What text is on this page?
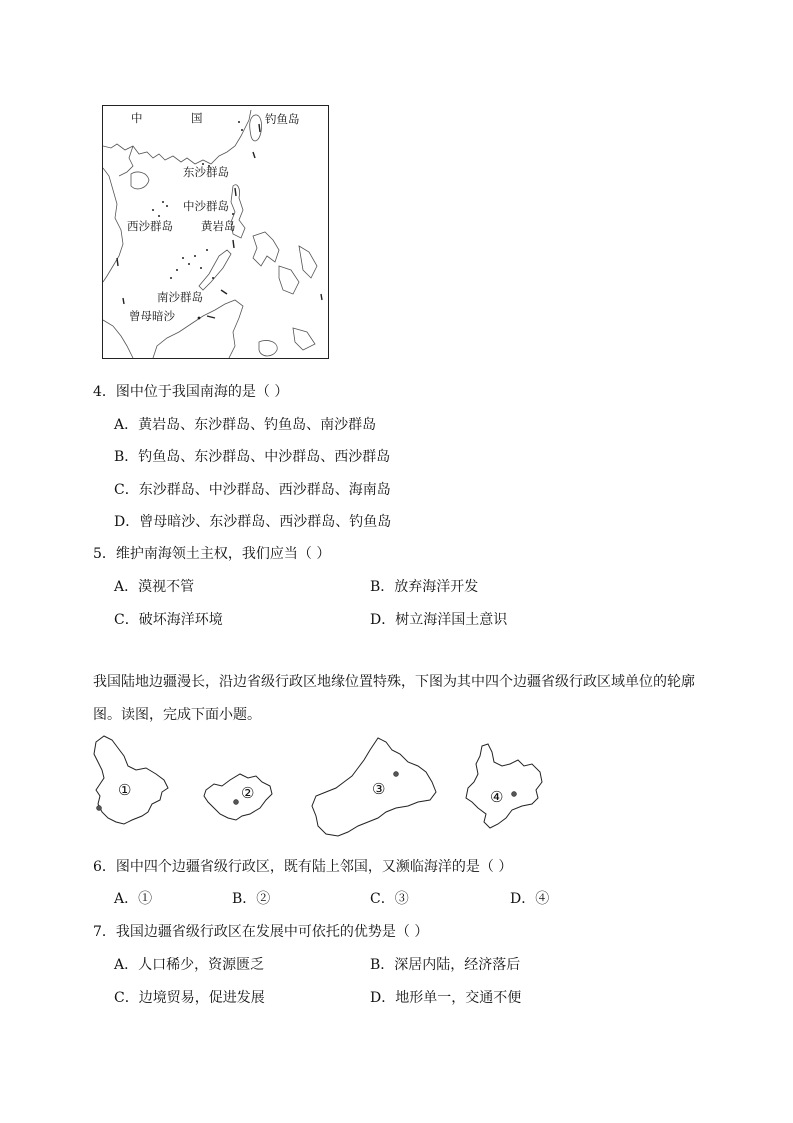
中	国	钓鱼岛
东沙群岛
中沙群岛
西沙群岛 黄岩岛
南沙群岛
曾母暗沙
4．图中位于我国南海的是（ ）
A．黄岩岛、东沙群岛、钓鱼岛、南沙群岛
B．钓鱼岛、东沙群岛、中沙群岛、西沙群岛
C．东沙群岛、中沙群岛、西沙群岛、海南岛
D．曾母暗沙、东沙群岛、西沙群岛、钓鱼岛
5．维护南海领土主权，我们应当（ ）
A．漠视不管	B．放弃海洋开发
C．破坏海洋环境	D．树立海洋国土意识
我国陆地边疆漫长，沿边省级行政区地缘位置特殊，下图为其中四个边疆省级行政区域单位的轮廓
图。读图，完成下面小题。
①	②	③	④
6．图中四个边疆省级行政区，既有陆上邻国，又濒临海洋的是（ ）
A．①	B．②	C．③	D．④
7．我国边疆省级行政区在发展中可依托的优势是（ ）
A．人口稀少，资源匮乏	B．深居内陆，经济落后
C．边境贸易，促进发展	D．地形单一，交通不便
